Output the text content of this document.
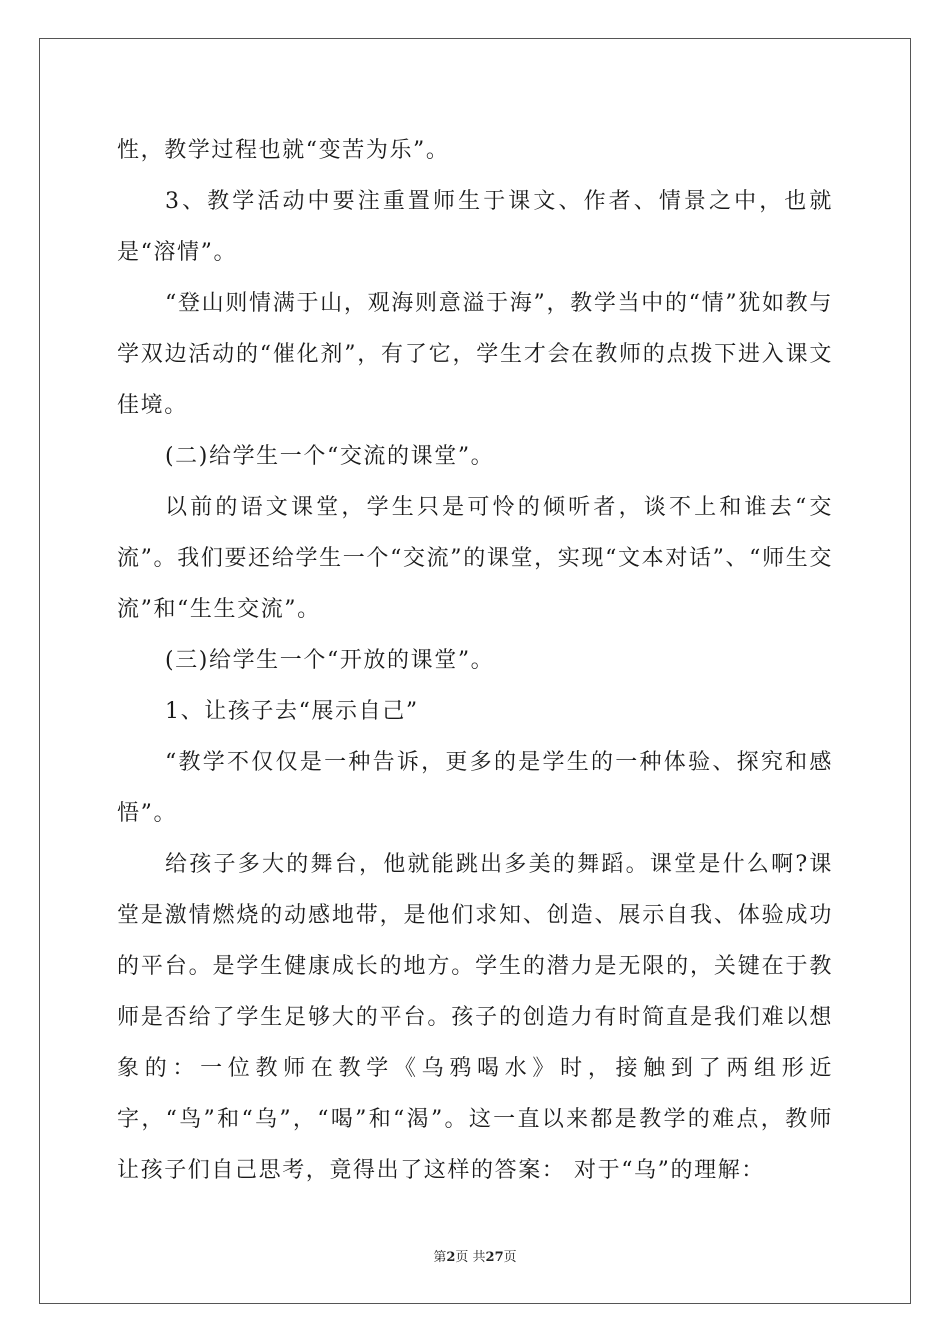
性，教学过程也就“变苦为乐”。

3、教学活动中要注重置师生于课文、作者、情景之中，也就是“溶情”。

“登山则情满于山，观海则意溢于海”，教学当中的“情”犹如教与学双边活动的“催化剂”，有了它，学生才会在教师的点拨下进入课文佳境。

(二)给学生一个“交流的课堂”。

以前的语文课堂，学生只是可怜的倾听者，谈不上和谁去“交流”。我们要还给学生一个“交流”的课堂，实现“文本对话”、“师生交流”和“生生交流”。

(三)给学生一个“开放的课堂”。

1、让孩子去“展示自己”

“教学不仅仅是一种告诉，更多的是学生的一种体验、探究和感悟”。

给孩子多大的舞台，他就能跳出多美的舞蹈。课堂是什么啊?课堂是激情燃烧的动感地带，是他们求知、创造、展示自我、体验成功的平台。是学生健康成长的地方。学生的潜力是无限的，关键在于教师是否给了学生足够大的平台。孩子的创造力有时简直是我们难以想象的：一位教师在教学《乌鸦喝水》时，接触到了两组形近字，“鸟”和“乌”，“喝”和“渴”。这一直以来都是教学的难点，教师让孩子们自己思考，竟得出了这样的答案： 对于“乌”的理解：

第2页 共27页
